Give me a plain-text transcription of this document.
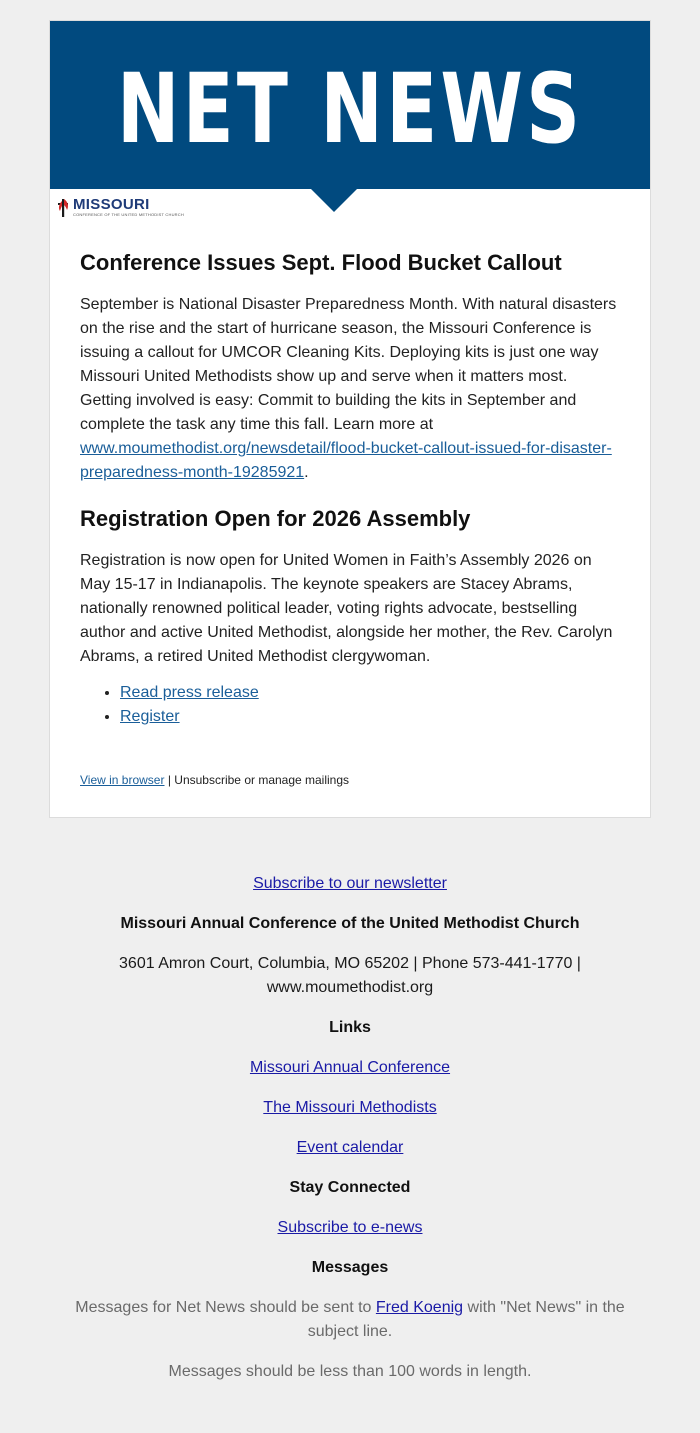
NET NEWS
MISSOURI
CONFERENCE OF THE UNITED METHODIST CHURCH
Conference Issues Sept. Flood Bucket Callout

September is National Disaster Preparedness Month. With natural disasters on the rise and the start of hurricane season, the Missouri Conference is issuing a callout for UMCOR Cleaning Kits. Deploying kits is just one way Missouri United Methodists show up and serve when it matters most. Getting involved is easy: Commit to building the kits in September and complete the task any time this fall. Learn more at www.moumethodist.org/newsdetail/flood-bucket-callout-issued-for-disaster-preparedness-month-19285921.

Registration Open for 2026 Assembly

Registration is now open for United Women in Faith’s Assembly 2026 on May 15-17 in Indianapolis. The keynote speakers are Stacey Abrams, nationally renowned political leader, voting rights advocate, bestselling author and active United Methodist, alongside her mother, the Rev. Carolyn Abrams, a retired United Methodist clergywoman.

• Read press release
• Register
View in browser | Unsubscribe or manage mailings
Subscribe to our newsletter
Missouri Annual Conference of the United Methodist Church
3601 Amron Court, Columbia, MO 65202 | Phone 573-441-1770 | www.moumethodist.org
Links
Missouri Annual Conference
The Missouri Methodists
Event calendar
Stay Connected
Subscribe to e-news
Messages
Messages for Net News should be sent to Fred Koenig with "Net News" in the subject line.
Messages should be less than 100 words in length.
